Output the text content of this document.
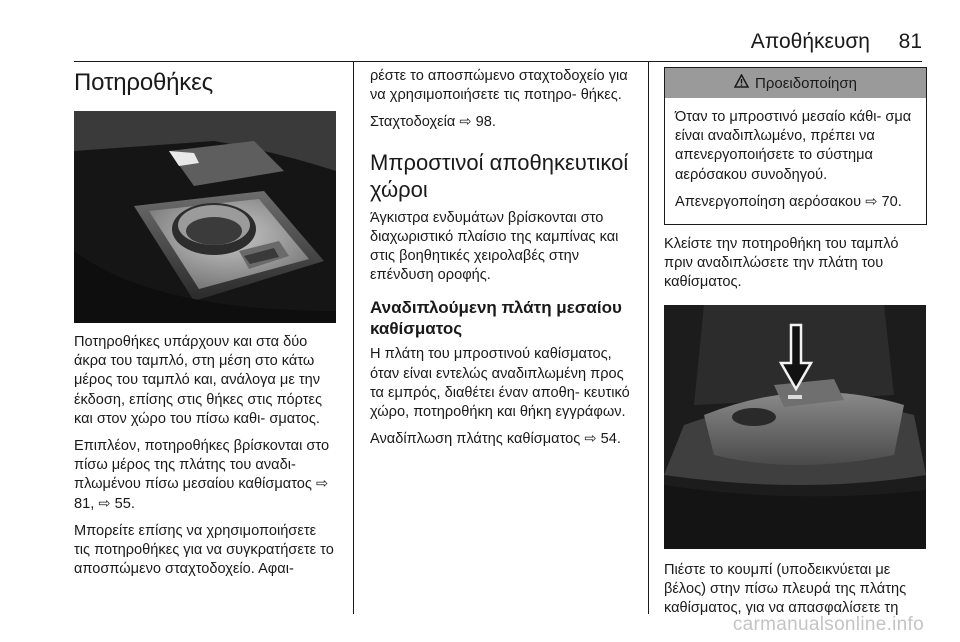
Αποθήκευση 81
Ποτηροθήκες

Ποτηροθήκες υπάρχουν και στα δύο άκρα του ταμπλό, στη μέση στο κάτω μέρος του ταμπλό και, ανάλογα με την έκδοση, επίσης στις θήκες στις πόρτες και στον χώρο του πίσω καθι- σματος.

Επιπλέον, ποτηροθήκες βρίσκονται στο πίσω μέρος της πλάτης του αναδι- πλωμένου πίσω μεσαίου καθίσματος ⇨ 81, ⇨ 55.

Μπορείτε επίσης να χρησιμοποιήσετε τις ποτηροθήκες για να συγκρατήσετε το αποσπώμενο σταχτοδοχείο. Αφαι-

ρέστε το αποσπώμενο σταχτοδοχείο για να χρησιμοποιήσετε τις ποτηρο- θήκες.

Σταχτοδοχεία ⇨ 98.

Μπροστινοί αποθηκευτικοί χώροι

Άγκιστρα ενδυμάτων βρίσκονται στο διαχωριστικό πλαίσιο της καμπίνας και στις βοηθητικές χειρολαβές στην επένδυση οροφής.

Αναδιπλούμενη πλάτη μεσαίου καθίσματος

Η πλάτη του μπροστινού καθίσματος, όταν είναι εντελώς αναδιπλωμένη προς τα εμπρός, διαθέτει έναν αποθη- κευτικό χώρο, ποτηροθήκη και θήκη εγγράφων.

Αναδίπλωση πλάτης καθίσματος ⇨ 54.

Προειδοποίηση

Όταν το μπροστινό μεσαίο κάθι- σμα είναι αναδιπλωμένο, πρέπει να απενεργοποιήσετε το σύστημα αερόσακου συνοδηγού.

Απενεργοποίηση αερόσακου ⇨ 70.

Κλείστε την ποτηροθήκη του ταμπλό πριν αναδιπλώσετε την πλάτη του καθίσματος.

Πιέστε το κουμπί (υποδεικνύεται με βέλος) στην πίσω πλευρά της πλάτης καθίσματος, για να απασφαλίσετε τη

carmanualsonline.info
